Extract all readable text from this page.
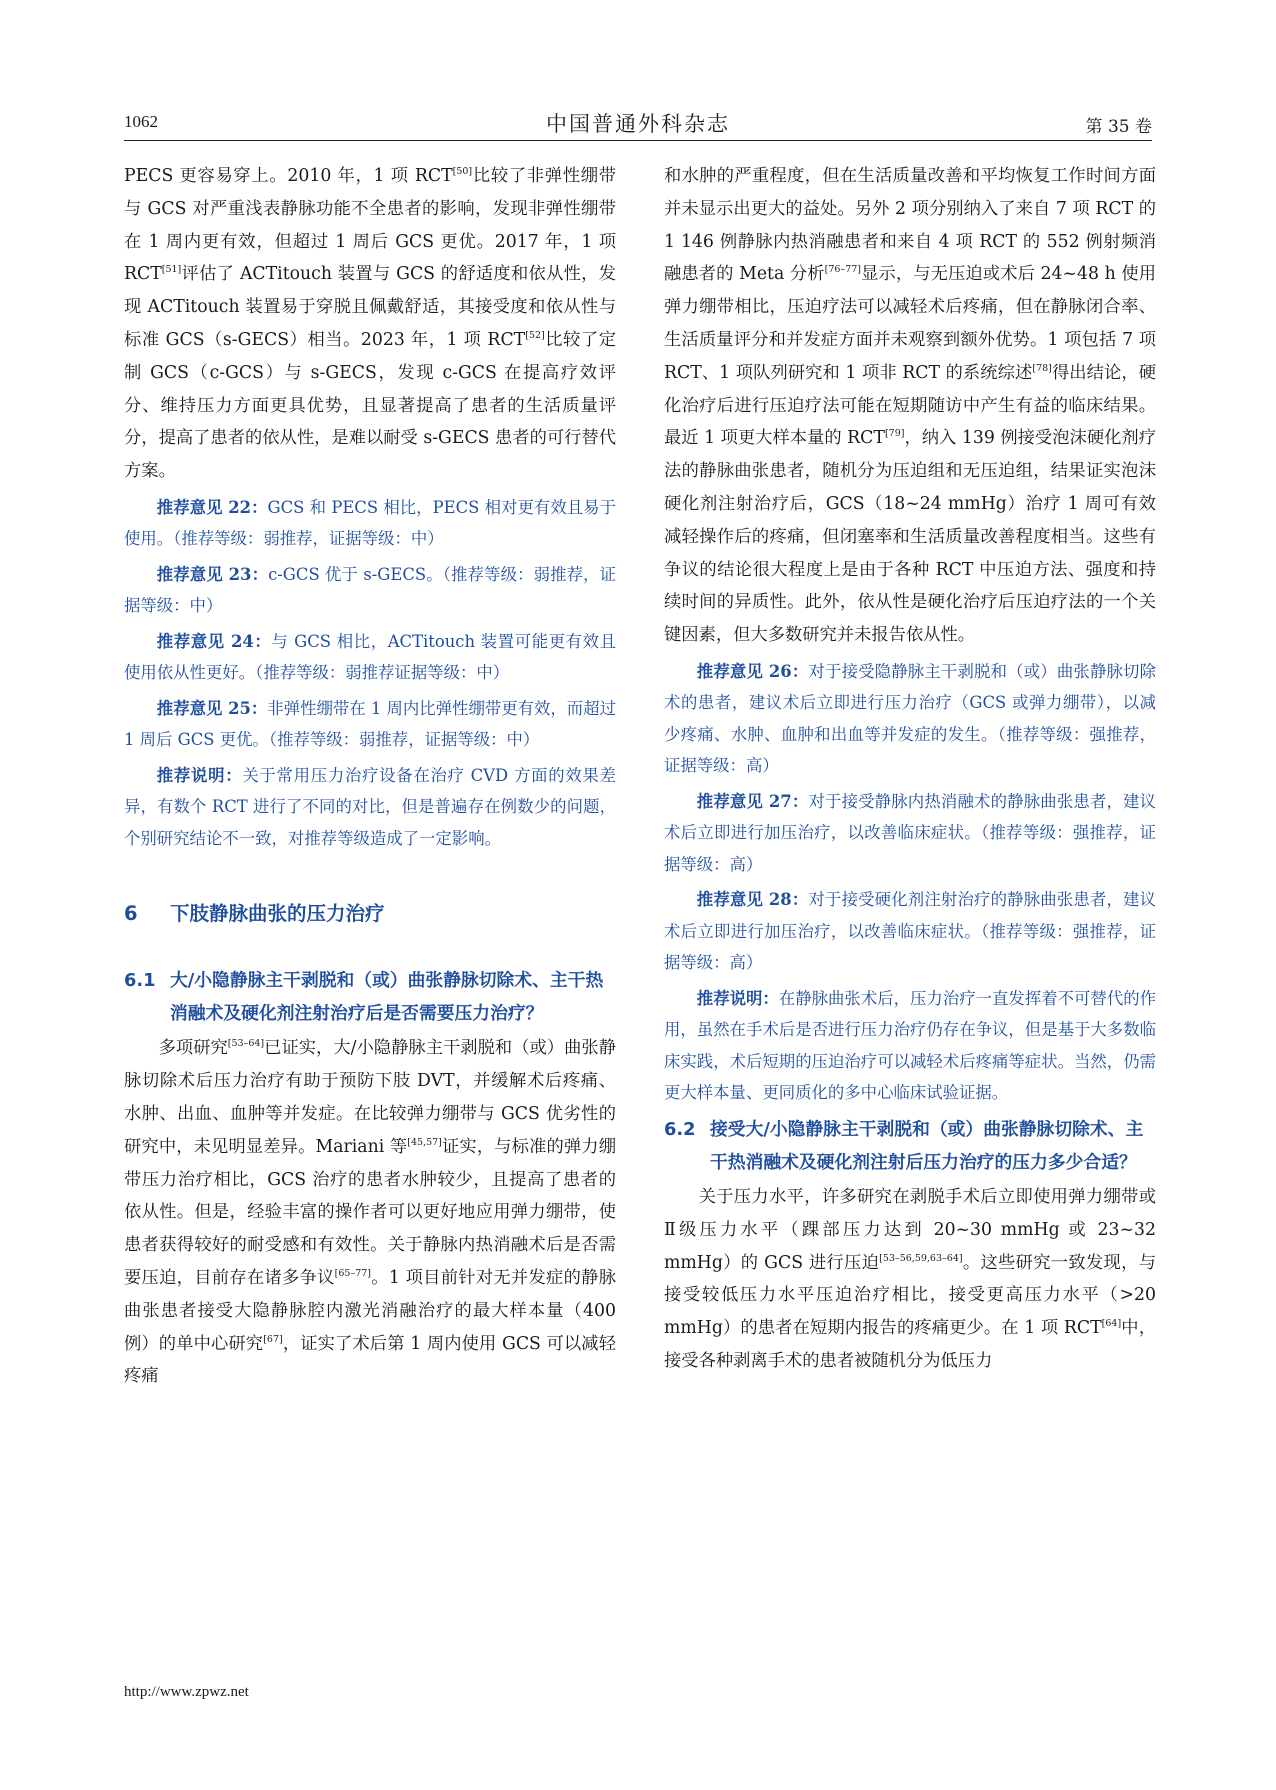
1062	中国普通外科杂志	第 35 卷

PECS 更容易穿上。2010 年，1 项 RCT[50]比较了非弹性绷带与 GCS 对严重浅表静脉功能不全患者的影响，发现非弹性绷带在 1 周内更有效，但超过 1 周后 GCS 更优。2017 年，1 项 RCT[51]评估了 ACTitouch 装置与 GCS 的舒适度和依从性，发现 ACTitouch 装置易于穿脱且佩戴舒适，其接受度和依从性与标准 GCS（s-GECS）相当。2023 年，1 项 RCT[52]比较了定制 GCS（c-GCS）与 s-GECS，发现 c-GCS 在提高疗效评分、维持压力方面更具优势，且显著提高了患者的生活质量评分，提高了患者的依从性，是难以耐受 s-GECS 患者的可行替代方案。

推荐意见 22：GCS 和 PECS 相比，PECS 相对更有效且易于使用。（推荐等级：弱推荐，证据等级：中）

推荐意见 23：c-GCS 优于 s-GECS。（推荐等级：弱推荐，证据等级：中）

推荐意见 24：与 GCS 相比，ACTitouch 装置可能更有效且使用依从性更好。（推荐等级：弱推荐证据等级：中）

推荐意见 25：非弹性绷带在 1 周内比弹性绷带更有效，而超过 1 周后 GCS 更优。（推荐等级：弱推荐，证据等级：中）

推荐说明：关于常用压力治疗设备在治疗 CVD 方面的效果差异，有数个 RCT 进行了不同的对比，但是普遍存在例数少的问题，个别研究结论不一致，对推荐等级造成了一定影响。

6 下肢静脉曲张的压力治疗
6.1 大/小隐静脉主干剥脱和（或）曲张静脉切除术、主干热消融术及硬化剂注射治疗后是否需要压力治疗？

多项研究[53–64]已证实，大/小隐静脉主干剥脱和（或）曲张静脉切除术后压力治疗有助于预防下肢 DVT，并缓解术后疼痛、水肿、出血、血肿等并发症。在比较弹力绷带与 GCS 优劣性的研究中，未见明显差异。Mariani 等[45,57]证实，与标准的弹力绷带压力治疗相比，GCS 治疗的患者水肿较少，且提高了患者的依从性。但是，经验丰富的操作者可以更好地应用弹力绷带，使患者获得较好的耐受感和有效性。关于静脉内热消融术后是否需要压迫，目前存在诸多争议[65–77]。1 项目前针对无并发症的静脉曲张患者接受大隐静脉腔内激光消融治疗的最大样本量（400 例）的单中心研究[67]，证实了术后第 1 周内使用 GCS 可以减轻疼痛

和水肿的严重程度，但在生活质量改善和平均恢复工作时间方面并未显示出更大的益处。另外 2 项分别纳入了来自 7 项 RCT 的 1 146 例静脉内热消融患者和来自 4 项 RCT 的 552 例射频消融患者的 Meta 分析[76–77]显示，与无压迫或术后 24~48 h 使用弹力绷带相比，压迫疗法可以减轻术后疼痛，但在静脉闭合率、生活质量评分和并发症方面并未观察到额外优势。1 项包括 7 项 RCT、1 项队列研究和 1 项非 RCT 的系统综述[78]得出结论，硬化治疗后进行压迫疗法可能在短期随访中产生有益的临床结果。最近 1 项更大样本量的 RCT[79]，纳入 139 例接受泡沫硬化剂疗法的静脉曲张患者，随机分为压迫组和无压迫组，结果证实泡沫硬化剂注射治疗后，GCS（18~24 mmHg）治疗 1 周可有效减轻操作后的疼痛，但闭塞率和生活质量改善程度相当。这些有争议的结论很大程度上是由于各种 RCT 中压迫方法、强度和持续时间的异质性。此外，依从性是硬化治疗后压迫疗法的一个关键因素，但大多数研究并未报告依从性。

推荐意见 26：对于接受隐静脉主干剥脱和（或）曲张静脉切除术的患者，建议术后立即进行压力治疗（GCS 或弹力绷带），以减少疼痛、水肿、血肿和出血等并发症的发生。（推荐等级：强推荐，证据等级：高）

推荐意见 27：对于接受静脉内热消融术的静脉曲张患者，建议术后立即进行加压治疗，以改善临床症状。（推荐等级：强推荐，证据等级：高）

推荐意见 28：对于接受硬化剂注射治疗的静脉曲张患者，建议术后立即进行加压治疗，以改善临床症状。（推荐等级：强推荐，证据等级：高）

推荐说明：在静脉曲张术后，压力治疗一直发挥着不可替代的作用，虽然在手术后是否进行压力治疗仍存在争议，但是基于大多数临床实践，术后短期的压迫治疗可以减轻术后疼痛等症状。当然，仍需更大样本量、更同质化的多中心临床试验证据。

6.2 接受大/小隐静脉主干剥脱和（或）曲张静脉切除术、主干热消融术及硬化剂注射后压力治疗的压力多少合适？

关于压力水平，许多研究在剥脱手术后立即使用弹力绷带或Ⅱ级压力水平（踝部压力达到 20~30 mmHg 或 23~32 mmHg）的 GCS 进行压迫[53–56,59,63–64]。这些研究一致发现，与接受较低压力水平压迫治疗相比，接受更高压力水平（>20 mmHg）的患者在短期内报告的疼痛更少。在 1 项 RCT[64]中，接受各种剥离手术的患者被随机分为低压力

http://www.zpwz.net
